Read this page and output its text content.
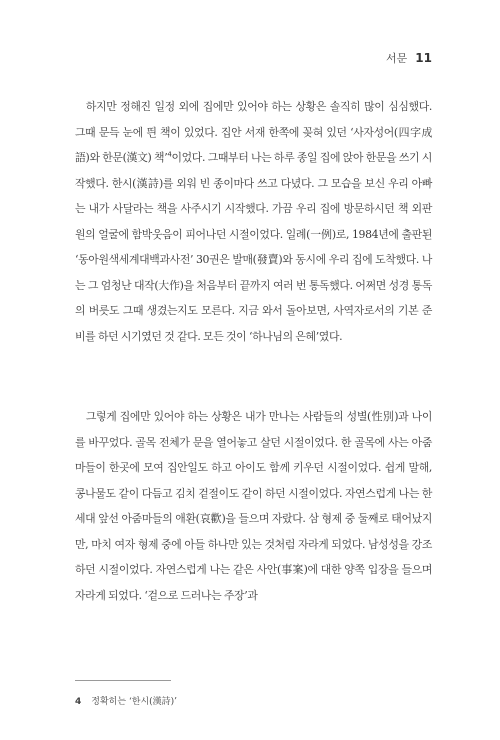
서문 11

하지만 정해진 일정 외에 집에만 있어야 하는 상황은 솔직히 많이 심심했다. 그때 문득 눈에 띈 책이 있었다. 집안 서재 한쪽에 꽂혀 있던 ‘사자성어(四字成語)와 한문(漢文) 책’$^4$이었다. 그때부터 나는 하루 종일 집에 앉아 한문을 쓰기 시작했다. 한시(漢詩)를 외워 빈 종이마다 쓰고 다녔다. 그 모습을 보신 우리 아빠는 내가 사달라는 책을 사주시기 시작했다. 가끔 우리 집에 방문하시던 책 외판원의 얼굴에 함박웃음이 피어나던 시절이었다. 일례(一例)로, 1984년에 출판된 ‘동아원색세계대백과사전’ 30권은 발매(發賣)와 동시에 우리 집에 도착했다. 나는 그 엄청난 대작(大作)을 처음부터 끝까지 여러 번 통독했다. 어쩌면 성경 통독의 버릇도 그때 생겼는지도 모른다. 지금 와서 돌아보면, 사역자로서의 기본 준비를 하던 시기였던 것 같다. 모든 것이 ‘하나님의 은혜’였다.

그렇게 집에만 있어야 하는 상황은 내가 만나는 사람들의 성별(性別)과 나이를 바꾸었다. 골목 전체가 문을 열어놓고 살던 시절이었다. 한 골목에 사는 아줌마들이 한곳에 모여 집안일도 하고 아이도 함께 키우던 시절이었다. 쉽게 말해, 콩나물도 같이 다듬고 김치 겉절이도 같이 하던 시절이었다. 자연스럽게 나는 한 세대 앞선 아줌마들의 애환(哀歡)을 들으며 자랐다. 삼 형제 중 둘째로 태어났지만, 마치 여자 형제 중에 아들 하나만 있는 것처럼 자라게 되었다. 남성성을 강조하던 시절이었다. 자연스럽게 나는 같은 사안(事案)에 대한 양쪽 입장을 들으며 자라게 되었다. ‘겉으로 드러나는 주장’과

4 정확히는 ‘한시(漢詩)’
